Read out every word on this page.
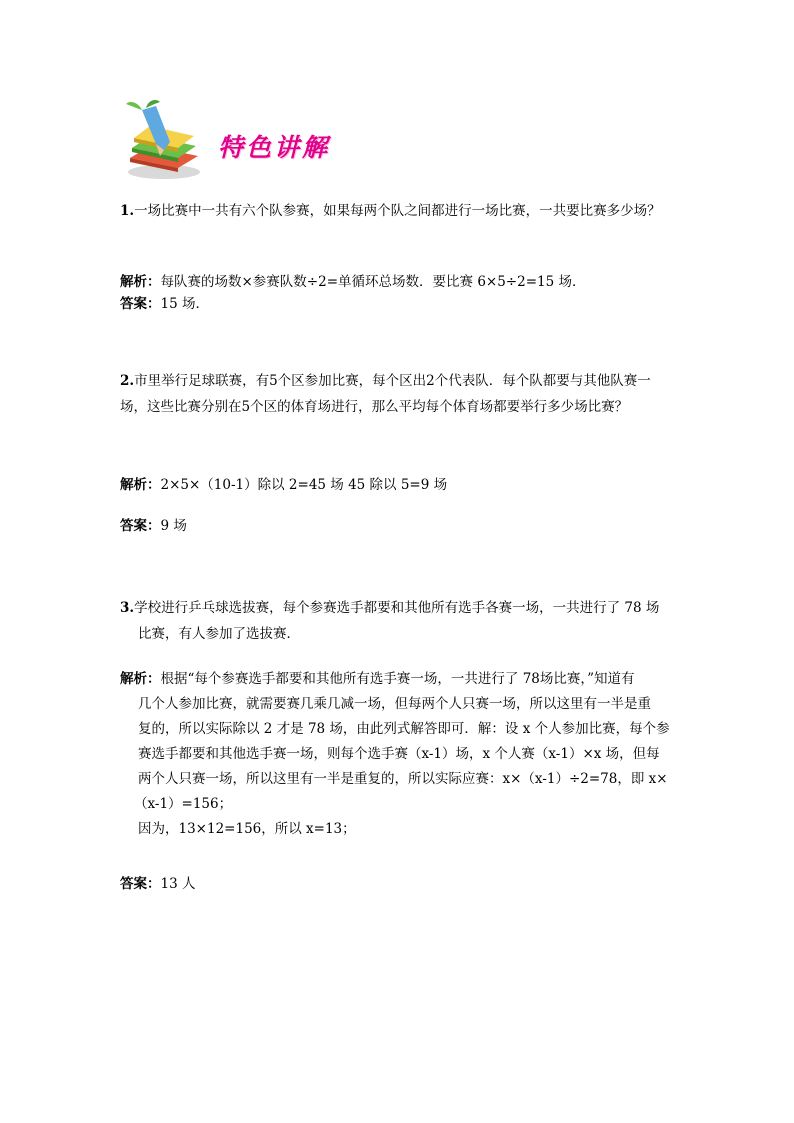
特色讲解
1.一场比赛中一共有六个队参赛，如果每两个队之间都进行一场比赛，一共要比赛多少场？
解析：每队赛的场数×参赛队数÷2=单循环总场数．要比赛 6×5÷2=15 场．
答案：15 场．
2.市里举行足球联赛，有5个区参加比赛，每个区出2个代表队．每个队都要与其他队赛一
场，这些比赛分别在5个区的体育场进行，那么平均每个体育场都要举行多少场比赛？
解析：2×5×（10-1）除以 2=45 场 45 除以 5=9 场
答案：9 场
3.学校进行乒乓球选拔赛，每个参赛选手都要和其他所有选手各赛一场，一共进行了 78 场
比赛，有人参加了选拔赛．
解析：根据“每个参赛选手都要和其他所有选手赛一场，一共进行了 78场比赛，”知道有
几个人参加比赛，就需要赛几乘几减一场，但每两个人只赛一场，所以这里有一半是重
复的，所以实际除以 2 才是 78 场，由此列式解答即可．解：设 x 个人参加比赛，每个参
赛选手都要和其他选手赛一场，则每个选手赛（x-1）场，x 个人赛（x-1）×x 场，但每
两个人只赛一场，所以这里有一半是重复的，所以实际应赛：x×（x-1）÷2=78，即 x×
（x-1）=156；
因为，13×12=156，所以 x=13；
答案：13 人
